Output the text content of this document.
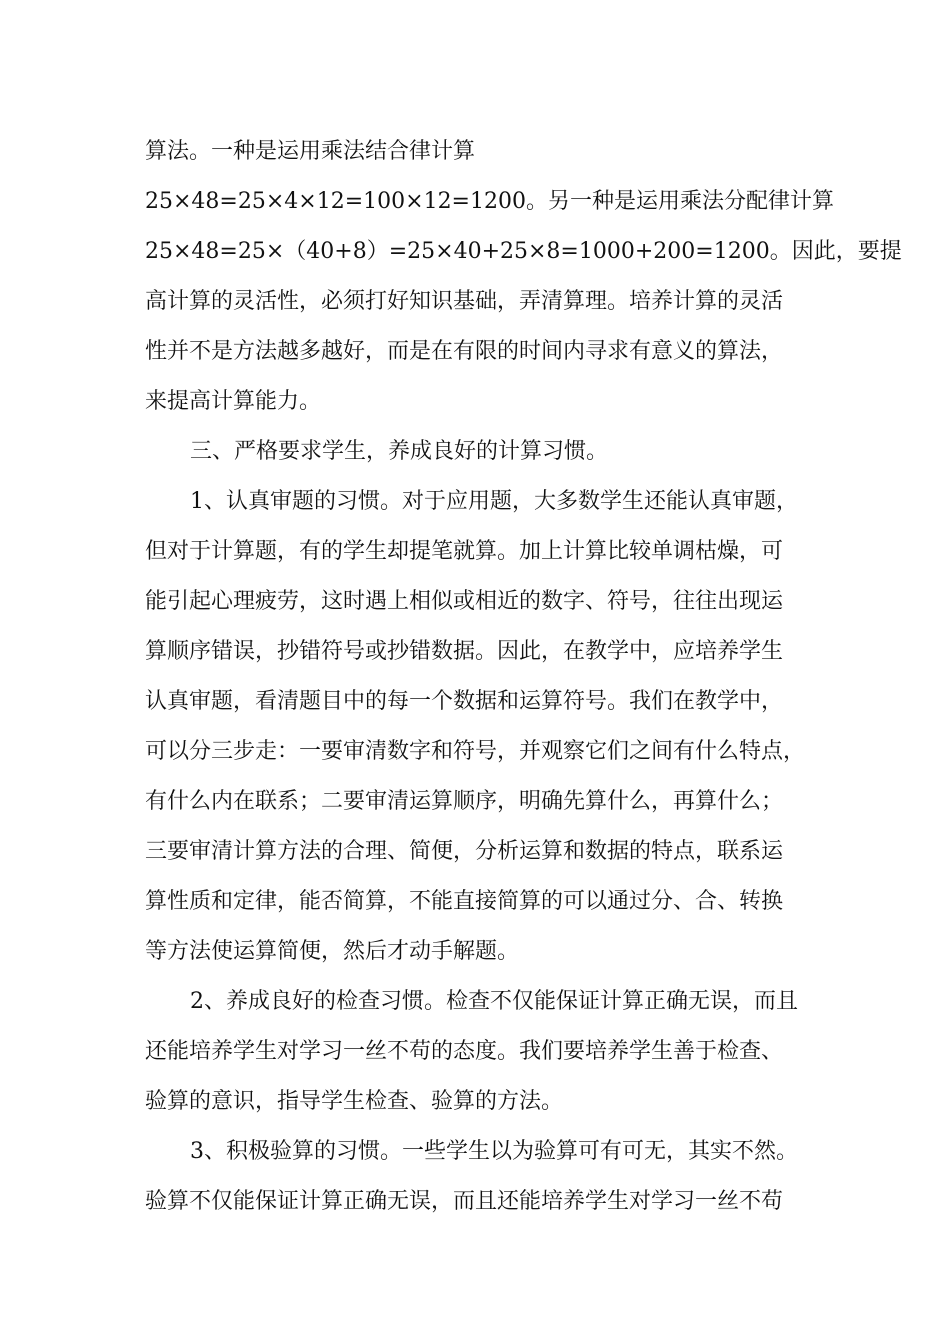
算法。一种是运用乘法结合律计算
25×48=25×4×12=100×12=1200。另一种是运用乘法分配律计算
25×48=25×（40+8）=25×40+25×8=1000+200=1200。因此，要提
高计算的灵活性，必须打好知识基础，弄清算理。培养计算的灵活
性并不是方法越多越好，而是在有限的时间内寻求有意义的算法，
来提高计算能力。
三、严格要求学生，养成良好的计算习惯。
1、认真审题的习惯。对于应用题，大多数学生还能认真审题，
但对于计算题，有的学生却提笔就算。加上计算比较单调枯燥，可
能引起心理疲劳，这时遇上相似或相近的数字、符号，往往出现运
算顺序错误，抄错符号或抄错数据。因此，在教学中，应培养学生
认真审题，看清题目中的每一个数据和运算符号。我们在教学中，
可以分三步走：一要审清数字和符号，并观察它们之间有什么特点，
有什么内在联系；二要审清运算顺序，明确先算什么，再算什么；
三要审清计算方法的合理、简便，分析运算和数据的特点，联系运
算性质和定律，能否简算，不能直接简算的可以通过分、合、转换
等方法使运算简便，然后才动手解题。
2、养成良好的检查习惯。检查不仅能保证计算正确无误，而且
还能培养学生对学习一丝不苟的态度。我们要培养学生善于检查、
验算的意识，指导学生检查、验算的方法。
3、积极验算的习惯。一些学生以为验算可有可无，其实不然。
验算不仅能保证计算正确无误，而且还能培养学生对学习一丝不苟
